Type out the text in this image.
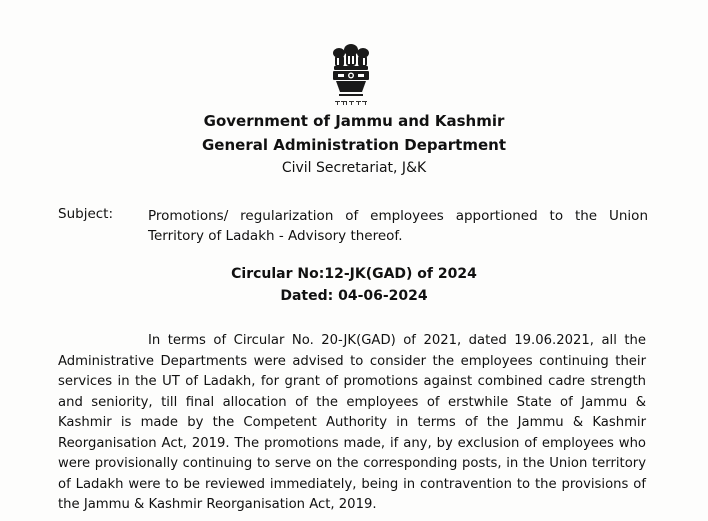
Government of Jammu and Kashmir
General Administration Department
Civil Secretariat, J&K
Subject:	Promotions/ regularization of employees apportioned to the Union Territory of Ladakh - Advisory thereof.
Circular No:12-JK(GAD) of 2024
Dated: 04-06-2024

In terms of Circular No. 20-JK(GAD) of 2021, dated 19.06.2021, all the Administrative Departments were advised to consider the employees continuing their services in the UT of Ladakh, for grant of promotions against combined cadre strength and seniority, till final allocation of the employees of erstwhile State of Jammu & Kashmir is made by the Competent Authority in terms of the Jammu & Kashmir Reorganisation Act, 2019. The promotions made, if any, by exclusion of employees who were provisionally continuing to serve on the corresponding posts, in the Union territory of Ladakh were to be reviewed immediately, being in contravention to the provisions of the Jammu & Kashmir Reorganisation Act, 2019.
